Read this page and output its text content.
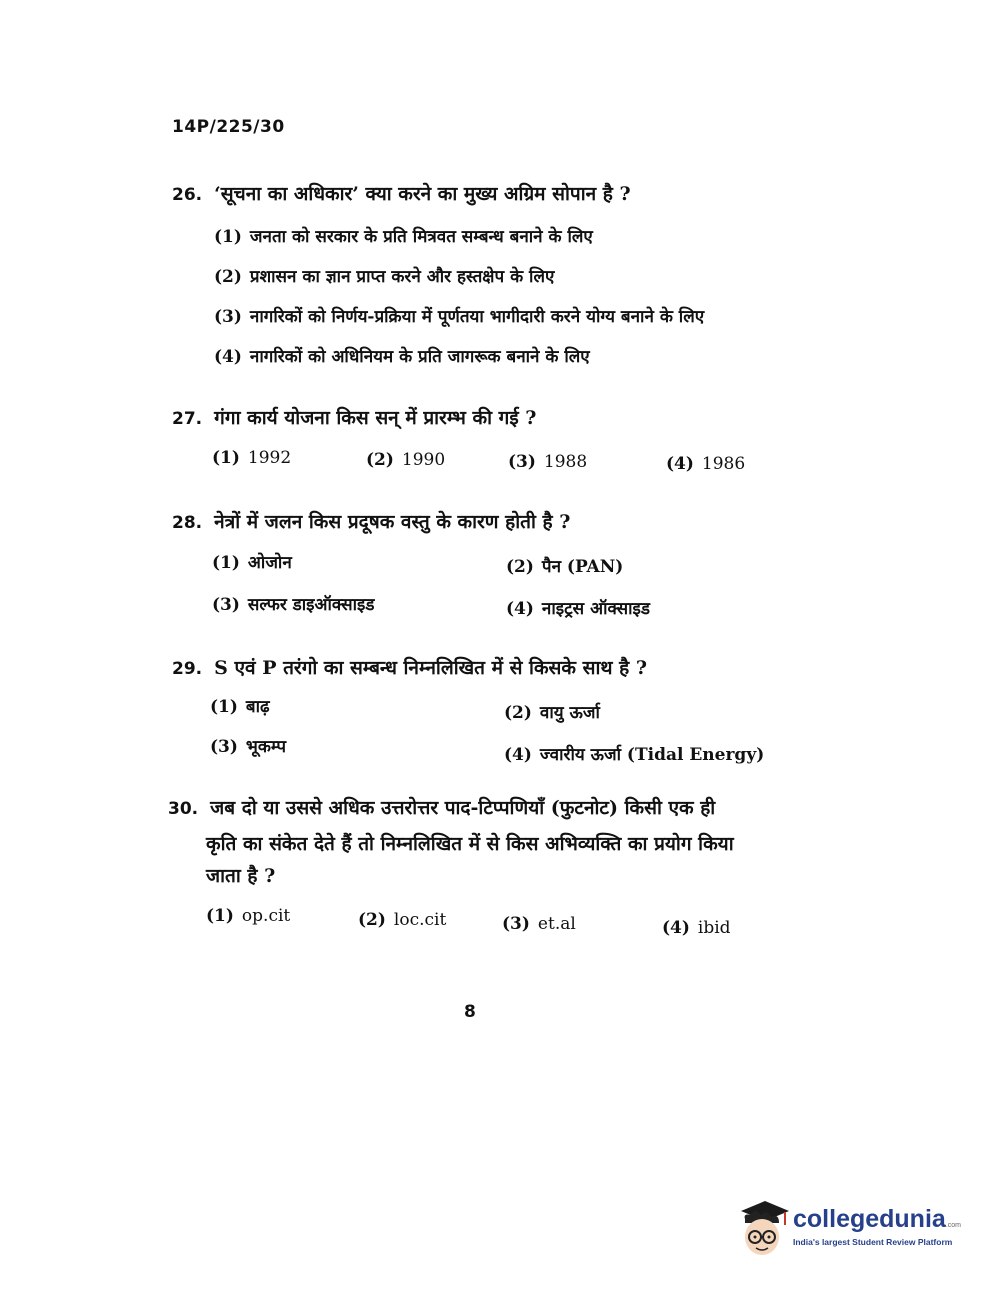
14P/225/30
26. ‘सूचना का अधिकार’ क्या करने का मुख्य अग्रिम सोपान है ?
(1) जनता को सरकार के प्रति मित्रवत सम्बन्ध बनाने के लिए
(2) प्रशासन का ज्ञान प्राप्त करने और हस्तक्षेप के लिए
(3) नागरिकों को निर्णय-प्रक्रिया में पूर्णतया भागीदारी करने योग्य बनाने के लिए
(4) नागरिकों को अधिनियम के प्रति जागरूक बनाने के लिए
27. गंगा कार्य योजना किस सन् में प्रारम्भ की गई ?
(1) 1992	(2) 1990	(3) 1988	(4) 1986
28. नेत्रों में जलन किस प्रदूषक वस्तु के कारण होती है ?
(1) ओजोन	(2) पैन (PAN)
(3) सल्फर डाइऑक्साइड	(4) नाइट्रस ऑक्साइड
29. S एवं P तरंगो का सम्बन्ध निम्नलिखित में से किसके साथ है ?
(1) बाढ़	(2) वायु ऊर्जा
(3) भूकम्प	(4) ज्वारीय ऊर्जा (Tidal Energy)
30. जब दो या उससे अधिक उत्तरोत्तर पाद-टिप्पणियाँ (फुटनोट) किसी एक ही
कृति का संकेत देते हैं तो निम्नलिखित में से किस अभिव्यक्ति का प्रयोग किया
जाता है ?
(1) op.cit	(2) loc.cit	(3) et.al	(4) ibid
8
collegedunia.com
India's largest Student Review Platform
